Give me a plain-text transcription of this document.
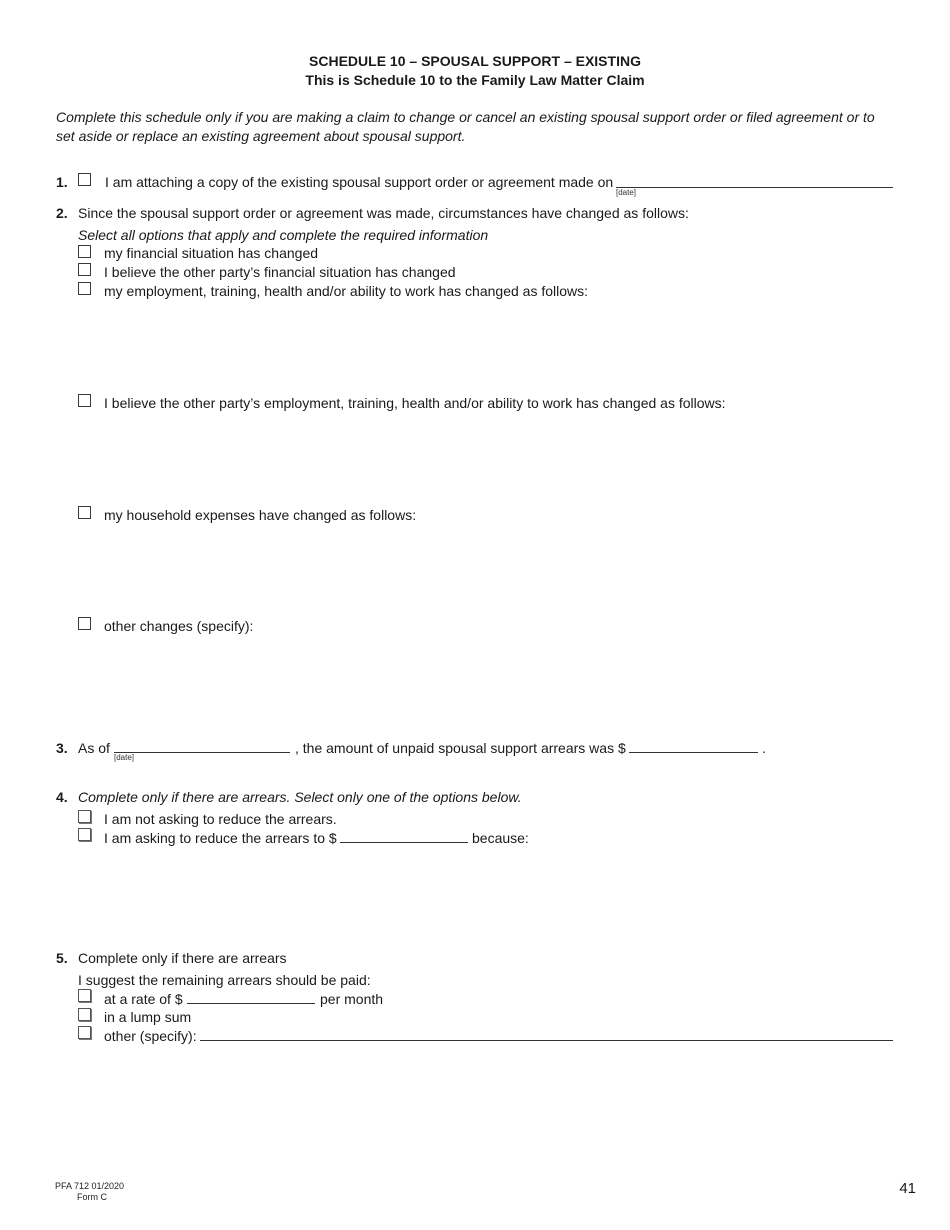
SCHEDULE 10 – SPOUSAL SUPPORT – EXISTING
This is Schedule 10 to the Family Law Matter Claim
Complete this schedule only if you are making a claim to change or cancel an existing spousal support order or filed agreement or to set aside or replace an existing agreement about spousal support.
1.	I am attaching a copy of the existing spousal support order or agreement made on
[date]
2. Since the spousal support order or agreement was made, circumstances have changed as follows:
Select all options that apply and complete the required information
my financial situation has changed
I believe the other party’s financial situation has changed
my employment, training, health and/or ability to work has changed as follows:
I believe the other party’s employment, training, health and/or ability to work has changed as follows:
my household expenses have changed as follows:
other changes (specify):
3. As of
[date]
, the amount of unpaid spousal support arrears was $	.
4. Complete only if there are arrears. Select only one of the options below.
I am not asking to reduce the arrears.
I am asking to reduce the arrears to $	because:
5. Complete only if there are arrears
I suggest the remaining arrears should be paid:
at a rate of $	per month
in a lump sum
other (specify):
PFA 712 01/2020
Form C	41
